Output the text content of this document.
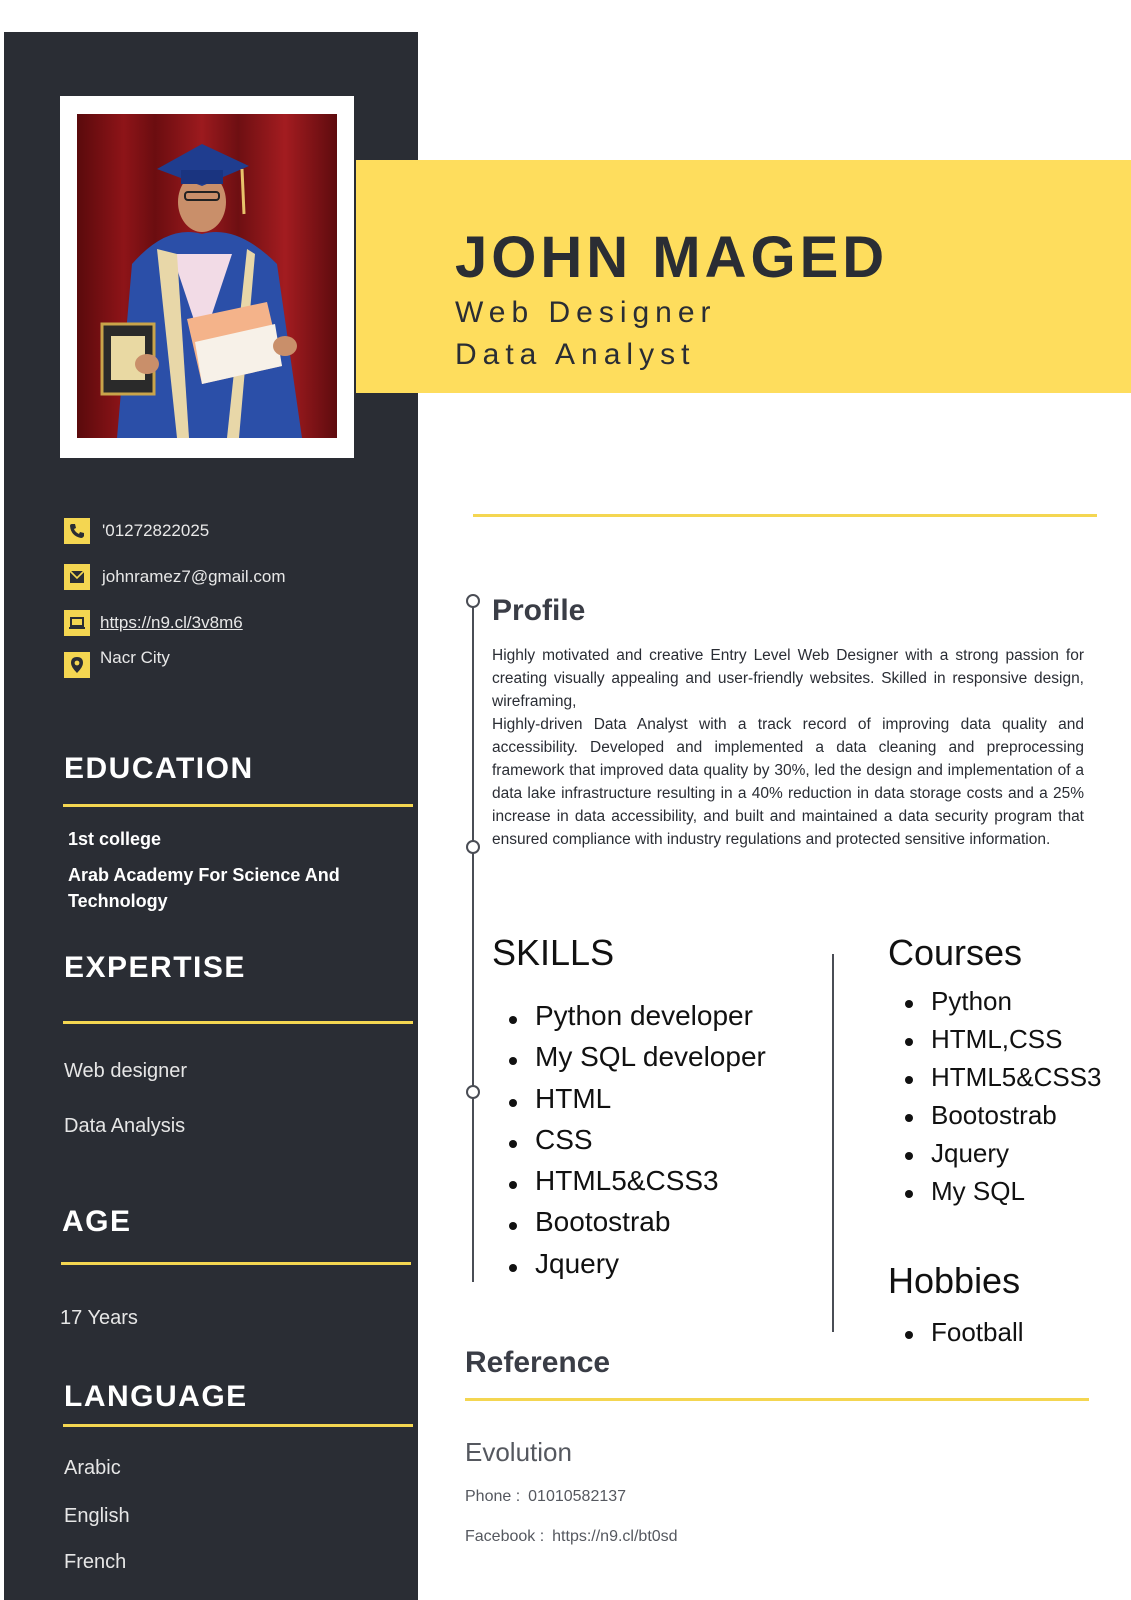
'01272822025
johnramez7@gmail.com
https://n9.cl/3v8m6
Nacr City
EDUCATION
1st college
Arab Academy For Science And Technology
EXPERTISE
Web designer
Data Analysis
AGE
17 Years
LANGUAGE
Arabic
English
French
JOHN MAGED
Web Designer
Data Analyst
Profile
Highly motivated and creative Entry Level Web Designer with a strong passion for creating visually appealing and user-friendly websites. Skilled in responsive design, wireframing,
Highly-driven Data Analyst with a track record of improving data quality and accessibility. Developed and implemented a data cleaning and preprocessing framework that improved data quality by 30%, led the design and implementation of a data lake infrastructure resulting in a 40% reduction in data storage costs and a 25% increase in data accessibility, and built and maintained a data security program that ensured compliance with industry regulations and protected sensitive information.
SKILLS
Python developer
My SQL developer
HTML
CSS
HTML5&CSS3
Bootostrab
Jquery
Courses
Python
HTML,CSS
HTML5&CSS3
Bootostrab
Jquery
My SQL
Hobbies
Football
Reference
Evolution
Phone : 01010582137
Facebook : https://n9.cl/bt0sd
